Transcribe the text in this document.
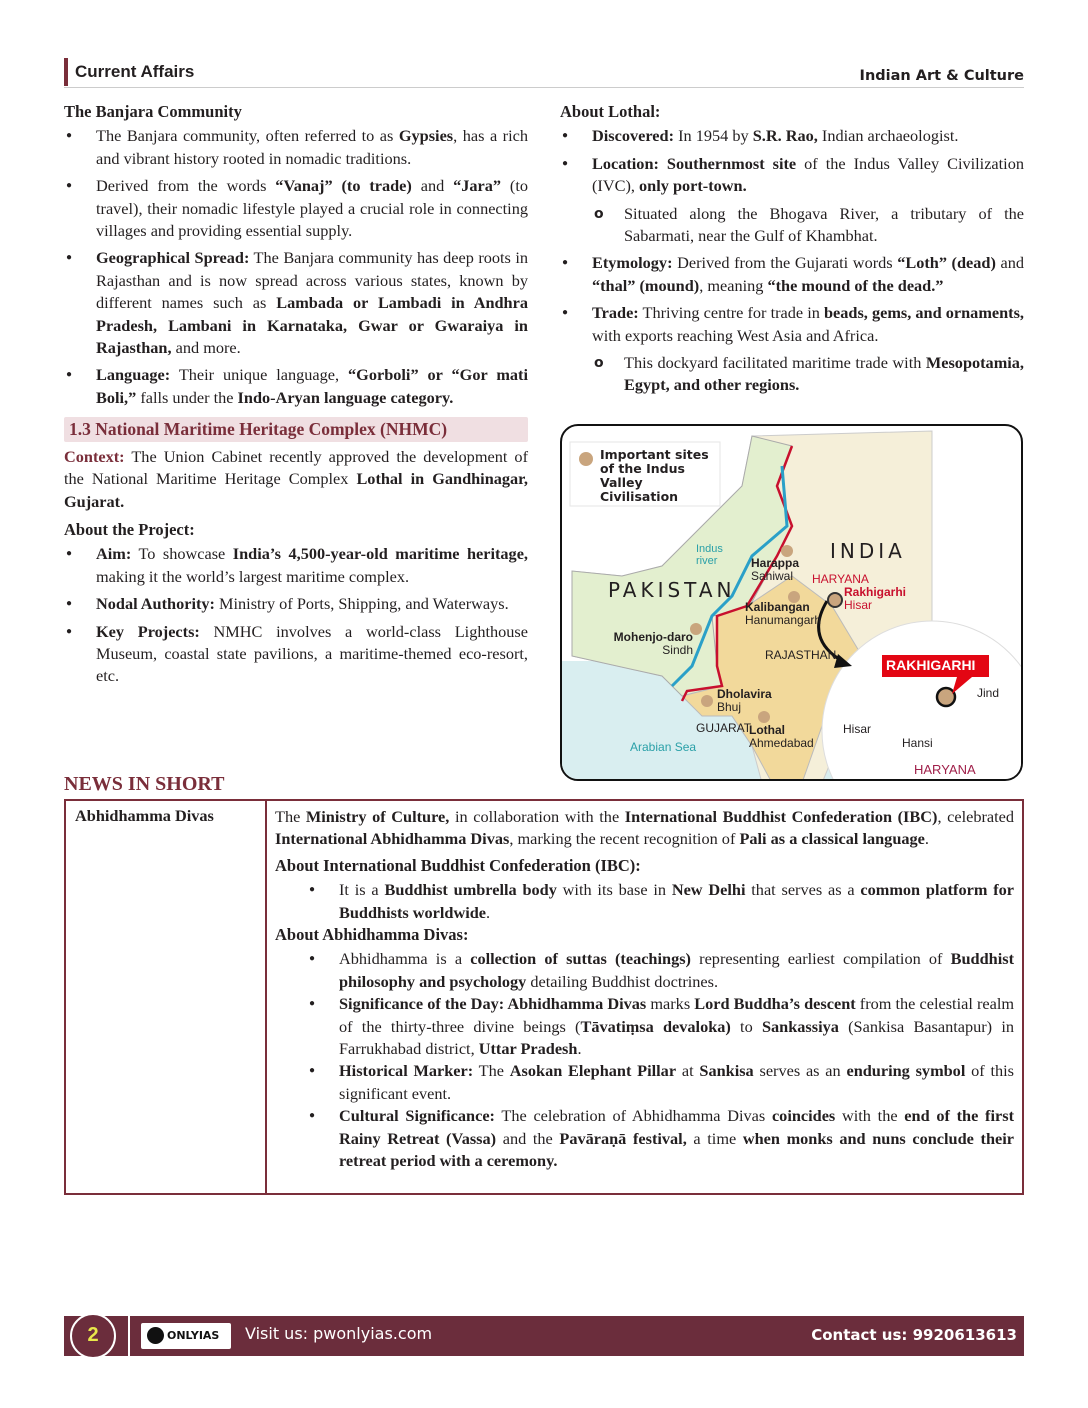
Current Affairs	Indian Art & Culture
The Banjara Community
● The Banjara community, often referred to as Gypsies, has a rich and vibrant history rooted in nomadic traditions.
● Derived from the words “Vanaj” (to trade) and “Jara” (to travel), their nomadic lifestyle played a crucial role in connecting villages and providing essential supply.
● Geographical Spread: The Banjara community has deep roots in Rajasthan and is now spread across various states, known by different names such as Lambada or Lambadi in Andhra Pradesh, Lambani in Karnataka, Gwar or Gwaraiya in Rajasthan, and more.
● Language: Their unique language, “Gorboli” or “Gor mati Boli,” falls under the Indo-Aryan language category.
1.3 National Maritime Heritage Complex (NHMC)

Context: The Union Cabinet recently approved the development of the National Maritime Heritage Complex Lothal in Gandhinagar, Gujarat.

About the Project:
● Aim: To showcase India’s 4,500-year-old maritime heritage, making it the world’s largest maritime complex.
● Nodal Authority: Ministry of Ports, Shipping, and Waterways.
● Key Projects: NMHC involves a world-class Lighthouse Museum, coastal state pavilions, a maritime-themed eco-resort, etc.
About Lothal:
● Discovered: In 1954 by S.R. Rao, Indian archaeologist.
● Location: Southernmost site of the Indus Valley Civilization (IVC), only port-town.
o Situated along the Bhogava River, a tributary of the Sabarmati, near the Gulf of Khambhat.
● Etymology: Derived from the Gujarati words “Loth” (dead) and “thal” (mound), meaning “the mound of the dead.”
● Trade: Thriving centre for trade in beads, gems, and ornaments, with exports reaching West Asia and Africa.
o This dockyard facilitated maritime trade with Mesopotamia, Egypt, and other regions.
Important sites of the Indus Valley Civilisation
PAKISTAN
INDIA
Indus river
Arabian Sea
Harappa
Sahiwal
Kalibangan
Hanumangarh
Mohenjo-daro
Sindh
Dholavira
Bhuj
Lothal
Ahmedabad
Rakhigarhi
Hisar
HARYANA
RAJASTHAN
GUJARAT
RAKHIGARHI
Jind
Hisar
Hansi
HARYANA
NEWS IN SHORT
Abhidhamma Divas	The Ministry of Culture, in collaboration with the International Buddhist Confederation (IBC), celebrated International Abhidhamma Divas, marking the recent recognition of Pali as a classical language.

About International Buddhist Confederation (IBC):
● It is a Buddhist umbrella body with its base in New Delhi that serves as a common platform for Buddhists worldwide.
About Abhidhamma Divas:
● Abhidhamma is a collection of suttas (teachings) representing earliest compilation of Buddhist philosophy and psychology detailing Buddhist doctrines.
● Significance of the Day: Abhidhamma Divas marks Lord Buddha’s descent from the celestial realm of the thirty-three divine beings (Tāvatiṃsa devaloka) to Sankassiya (Sankisa Basantapur) in Farrukhabad district, Uttar Pradesh.
● Historical Marker: The Asokan Elephant Pillar at Sankisa serves as an enduring symbol of this significant event.
● Cultural Significance: The celebration of Abhidhamma Divas coincides with the end of the first Rainy Retreat (Vassa) and the Pavāraṇā festival, a time when monks and nuns conclude their retreat period with a ceremony.
2	ONLYIAS	Visit us: pwonlyias.com	Contact us: 9920613613
